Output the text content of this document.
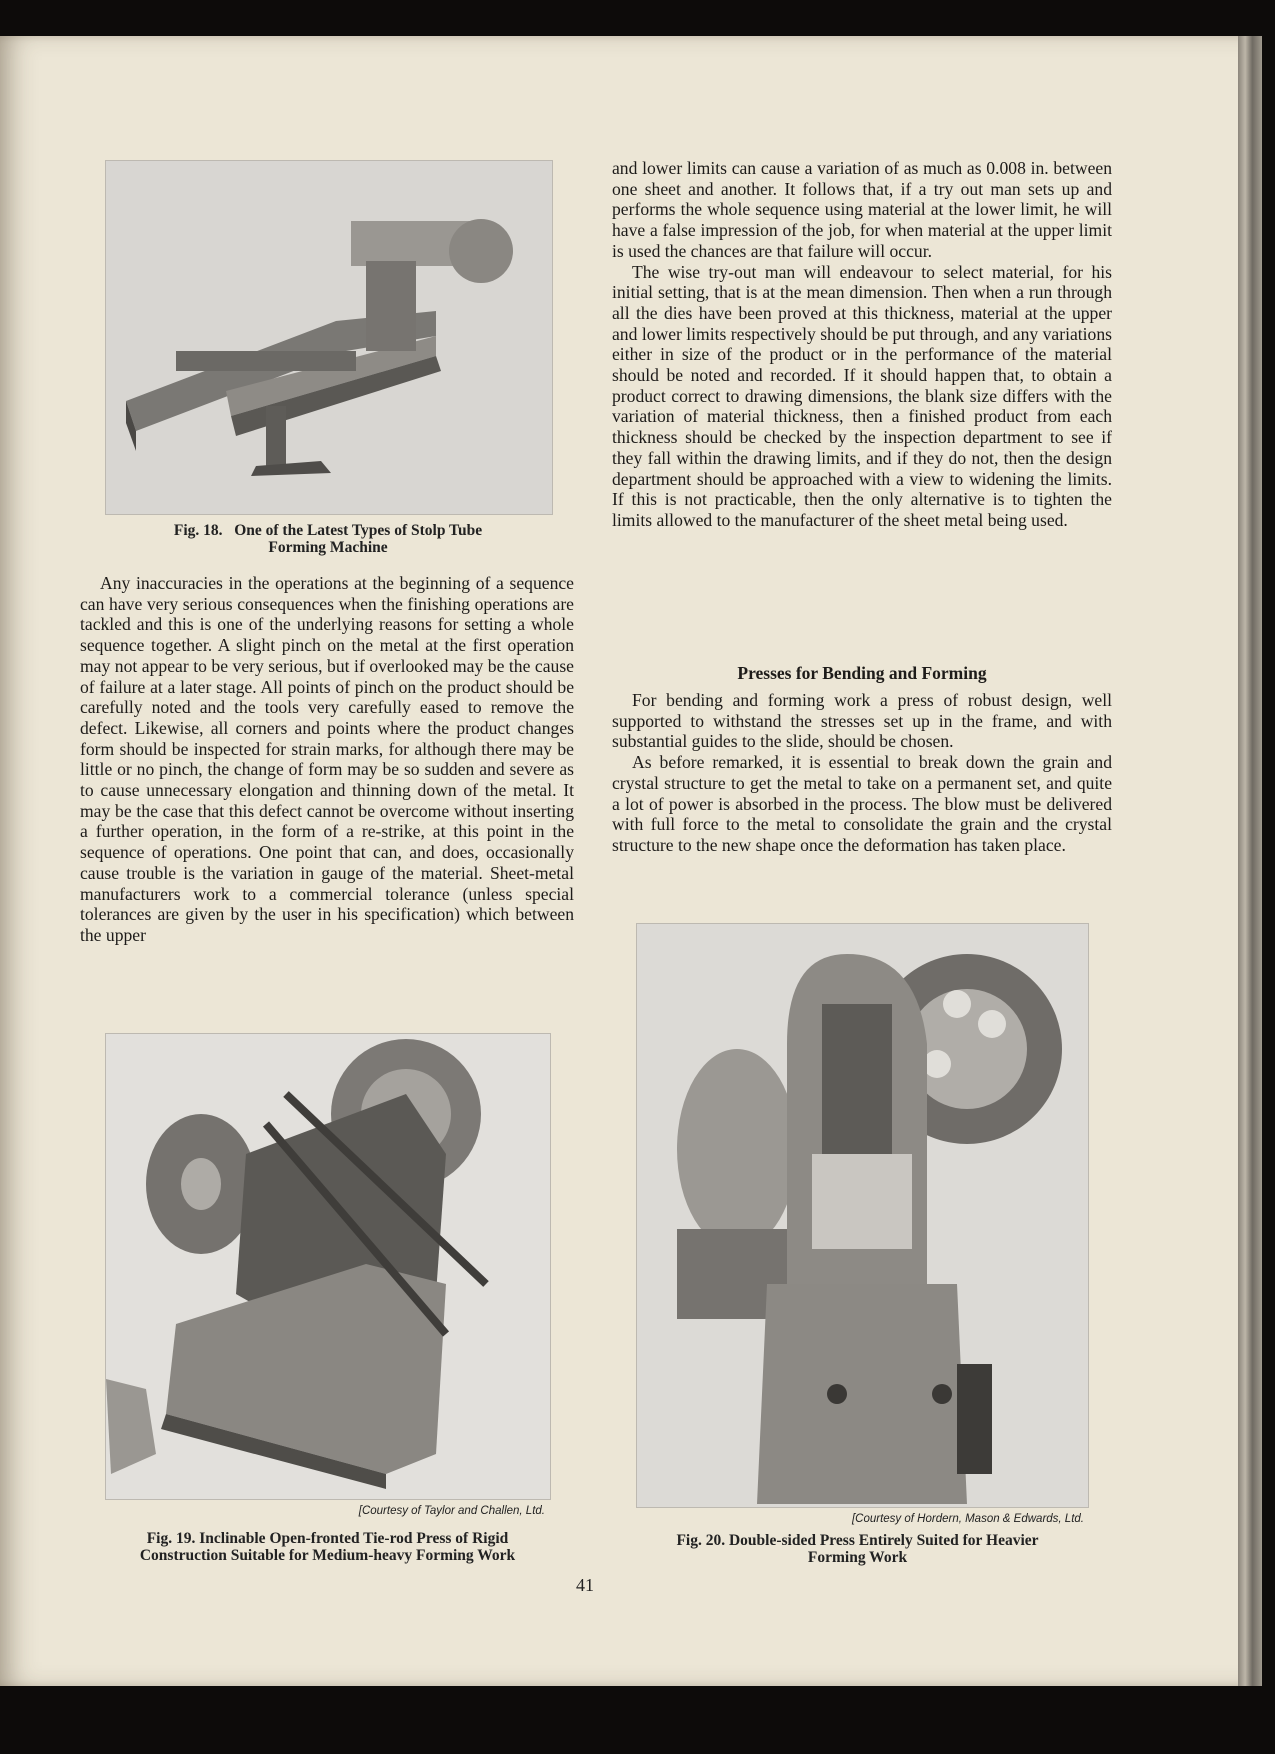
Fig. 18. One of the Latest Types of Stolp Tube
Forming Machine

Any inaccuracies in the operations at the beginning of a sequence can have very serious consequences when the finishing operations are tackled and this is one of the underlying reasons for setting a whole sequence together. A slight pinch on the metal at the first operation may not appear to be very serious, but if overlooked may be the cause of failure at a later stage. All points of pinch on the product should be carefully noted and the tools very carefully eased to remove the defect. Likewise, all corners and points where the product changes form should be inspected for strain marks, for although there may be little or no pinch, the change of form may be so sudden and severe as to cause unnecessary elongation and thinning down of the metal. It may be the case that this defect cannot be overcome without inserting a further operation, in the form of a re-strike, at this point in the sequence of operations. One point that can, and does, occasionally cause trouble is the variation in gauge of the material. Sheet-metal manufacturers work to a commercial tolerance (unless special tolerances are given by the user in his specification) which between the upper

and lower limits can cause a variation of as much as 0.008 in. between one sheet and another. It follows that, if a try out man sets up and performs the whole sequence using material at the lower limit, he will have a false impression of the job, for when material at the upper limit is used the chances are that failure will occur.

The wise try-out man will endeavour to select material, for his initial setting, that is at the mean dimension. Then when a run through all the dies have been proved at this thickness, material at the upper and lower limits respectively should be put through, and any variations either in size of the product or in the performance of the material should be noted and recorded. If it should happen that, to obtain a product correct to drawing dimensions, the blank size differs with the variation of material thickness, then a finished product from each thickness should be checked by the inspection department to see if they fall within the drawing limits, and if they do not, then the design department should be approached with a view to widening the limits. If this is not practicable, then the only alternative is to tighten the limits allowed to the manufacturer of the sheet metal being used.

Presses for Bending and Forming

For bending and forming work a press of robust design, well supported to withstand the stresses set up in the frame, and with substantial guides to the slide, should be chosen.

As before remarked, it is essential to break down the grain and crystal structure to get the metal to take on a permanent set, and quite a lot of power is absorbed in the process. The blow must be delivered with full force to the metal to consolidate the grain and the crystal structure to the new shape once the deformation has taken place.

[Courtesy of Taylor and Challen, Ltd.
Fig. 19. Inclinable Open-fronted Tie-rod Press of Rigid
Construction Suitable for Medium-heavy Forming Work
[Courtesy of Hordern, Mason & Edwards, Ltd.
Fig. 20. Double-sided Press Entirely Suited for Heavier
Forming Work
41
